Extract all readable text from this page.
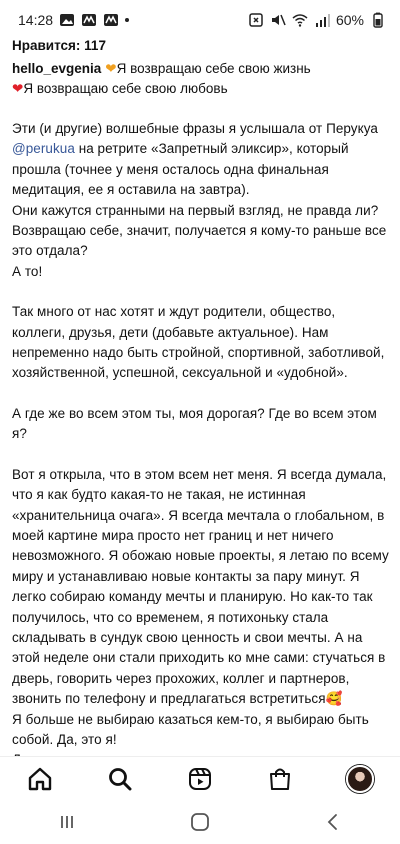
14:28	60%
Нравится: 117
hello_evgenia ❤Я возвращаю себе свою жизнь
❤Я возвращаю себе свою любовь

Эти (и другие) волшебные фразы я услышала от Перукуа @perukua на ретрите «Запретный эликсир», который прошла (точнее у меня осталось одна финальная медитация, ее я оставила на завтра).

Они кажутся странными на первый взгляд, не правда ли? Возвращаю себе, значит, получается я кому-то раньше все это отдала?

А то!

Так много от нас хотят и ждут родители, общество, коллеги, друзья, дети (добавьте актуальное). Нам непременно надо быть стройной, спортивной, заботливой, хозяйственной, успешной, сексуальной и «удобной».

А где же во всем этом ты, моя дорогая? Где во всем этом я?

Вот я открыла, что в этом всем нет меня. Я всегда думала, что я как будто какая-то не такая, не истинная «хранительница очага». Я всегда мечтала о глобальном, в моей картине мира просто нет границ и нет ничего невозможного. Я обожаю новые проекты, я летаю по всему миру и устанавливаю новые контакты за пару минут. Я легко собираю команду мечты и планирую. Но как-то так получилось, что со временем, я потихоньку стала складывать в сундук свою ценность и свои мечты. А на этой неделе они стали приходить ко мне сами: стучаться в дверь, говорить через прохожих, коллег и партнеров, звонить по телефону и предлагаться встретиться🥰

Я больше не выбираю казаться кем-то, я выбираю быть собой. Да, это я!
